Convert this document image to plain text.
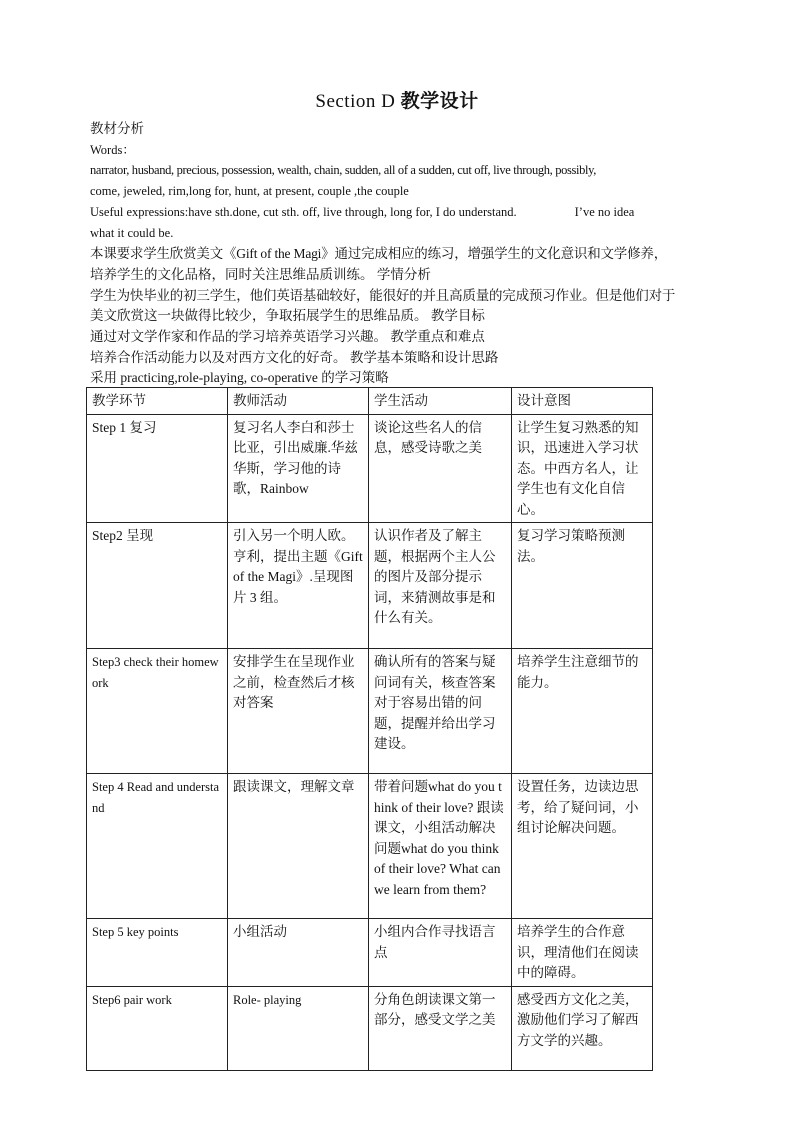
Section D 教学设计
教材分析
Words：
narrator, husband, precious, possession, wealth, chain, sudden, all of a sudden, cut off, live through, possibly,
come, jeweled, rim,long for, hunt, at present, couple ,the couple
Useful expressions:have sth.done, cut sth. off, live through, long for, I do understand.	I’ve no idea
what it could be.
本课要求学生欣赏美文《Gift of the Magi》通过完成相应的练习，增强学生的文化意识和文学修养，
培养学生的文化品格，同时关注思维品质训练。 学情分析
学生为快毕业的初三学生，他们英语基础较好，能很好的并且高质量的完成预习作业。但是他们对于
美文欣赏这一块做得比较少，争取拓展学生的思维品质。 教学目标
通过对文学作家和作品的学习培养英语学习兴趣。 教学重点和难点
培养合作活动能力以及对西方文化的好奇。 教学基本策略和设计思路
采用 practicing,role-playing, co-operative 的学习策略
教学环节	教师活动	学生活动	设计意图
Step 1 复习	复习名人李白和莎士比亚，引出威廉.华兹华斯，学习他的诗歌，Rainbow	谈论这些名人的信息，感受诗歌之美	让学生复习熟悉的知识，迅速进入学习状态。中西方名人，让学生也有文化自信心。
Step2 呈现	引入另一个明人欧。亨利，提出主题《Gift of the Magi》.呈现图片 3 组。	认识作者及了解主题，根据两个主人公的图片及部分提示词，来猜测故事是和什么有关。	复习学习策略预测法。
Step3 check their homework	安排学生在呈现作业之前，检查然后才核对答案	确认所有的答案与疑问词有关，核查答案对于容易出错的问题，提醒并给出学习建设。	培养学生注意细节的能力。
Step 4 Read and understand	跟读课文，理解文章	带着问题what do you think of their love? 跟读课文，小组活动解决问题what do you think of their love? What can we learn from them?	设置任务，边读边思考，给了疑问词，小组讨论解决问题。
Step 5 key points	小组活动	小组内合作寻找语言点	培养学生的合作意识，理清他们在阅读中的障碍。
Step6 pair work	Role- playing	分角色朗读课文第一部分，感受文学之美	感受西方文化之美，激励他们学习了解西方文学的兴趣。
